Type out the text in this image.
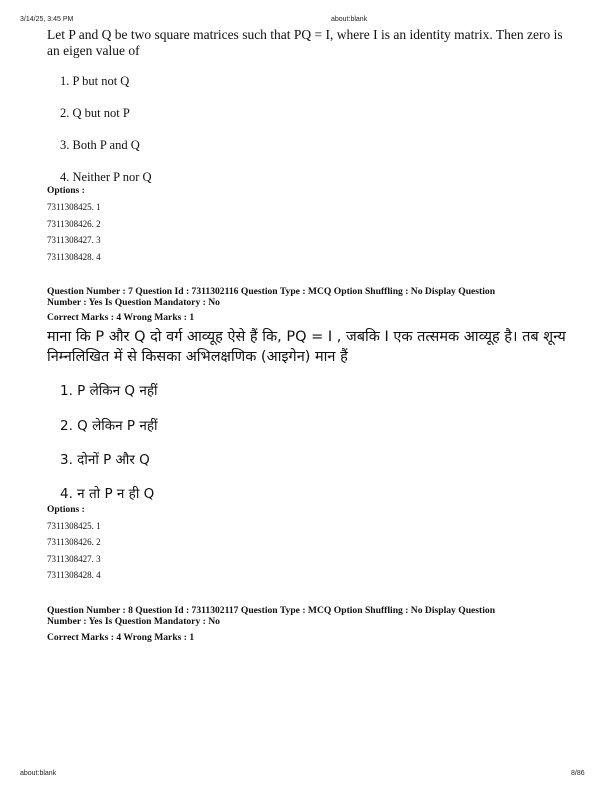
3/14/25, 3:45 PM	about:blank
Let P and Q be two square matrices such that PQ = I, where I is an identity matrix. Then zero is
an eigen value of
1. P but not Q
2. Q but not P
3. Both P and Q
4. Neither P nor Q
Options :
7311308425. 1
7311308426. 2
7311308427. 3
7311308428. 4
Question Number : 7 Question Id : 7311302116 Question Type : MCQ Option Shuffling : No Display Question
Number : Yes Is Question Mandatory : No
Correct Marks : 4 Wrong Marks : 1
माना कि P और Q दो वर्ग आव्यूह ऐसे हैं कि, PQ = I , जबकि I एक तत्समक आव्यूह है। तब शून्य
निम्नलिखित में से किसका अभिलक्षणिक (आइगेन) मान हैं
1. P लेकिन Q नहीं
2. Q लेकिन P नहीं
3. दोनों P और Q
4. न तो P न ही Q
Options :
7311308425. 1
7311308426. 2
7311308427. 3
7311308428. 4
Question Number : 8 Question Id : 7311302117 Question Type : MCQ Option Shuffling : No Display Question
Number : Yes Is Question Mandatory : No
Correct Marks : 4 Wrong Marks : 1
about:blank	8/86
